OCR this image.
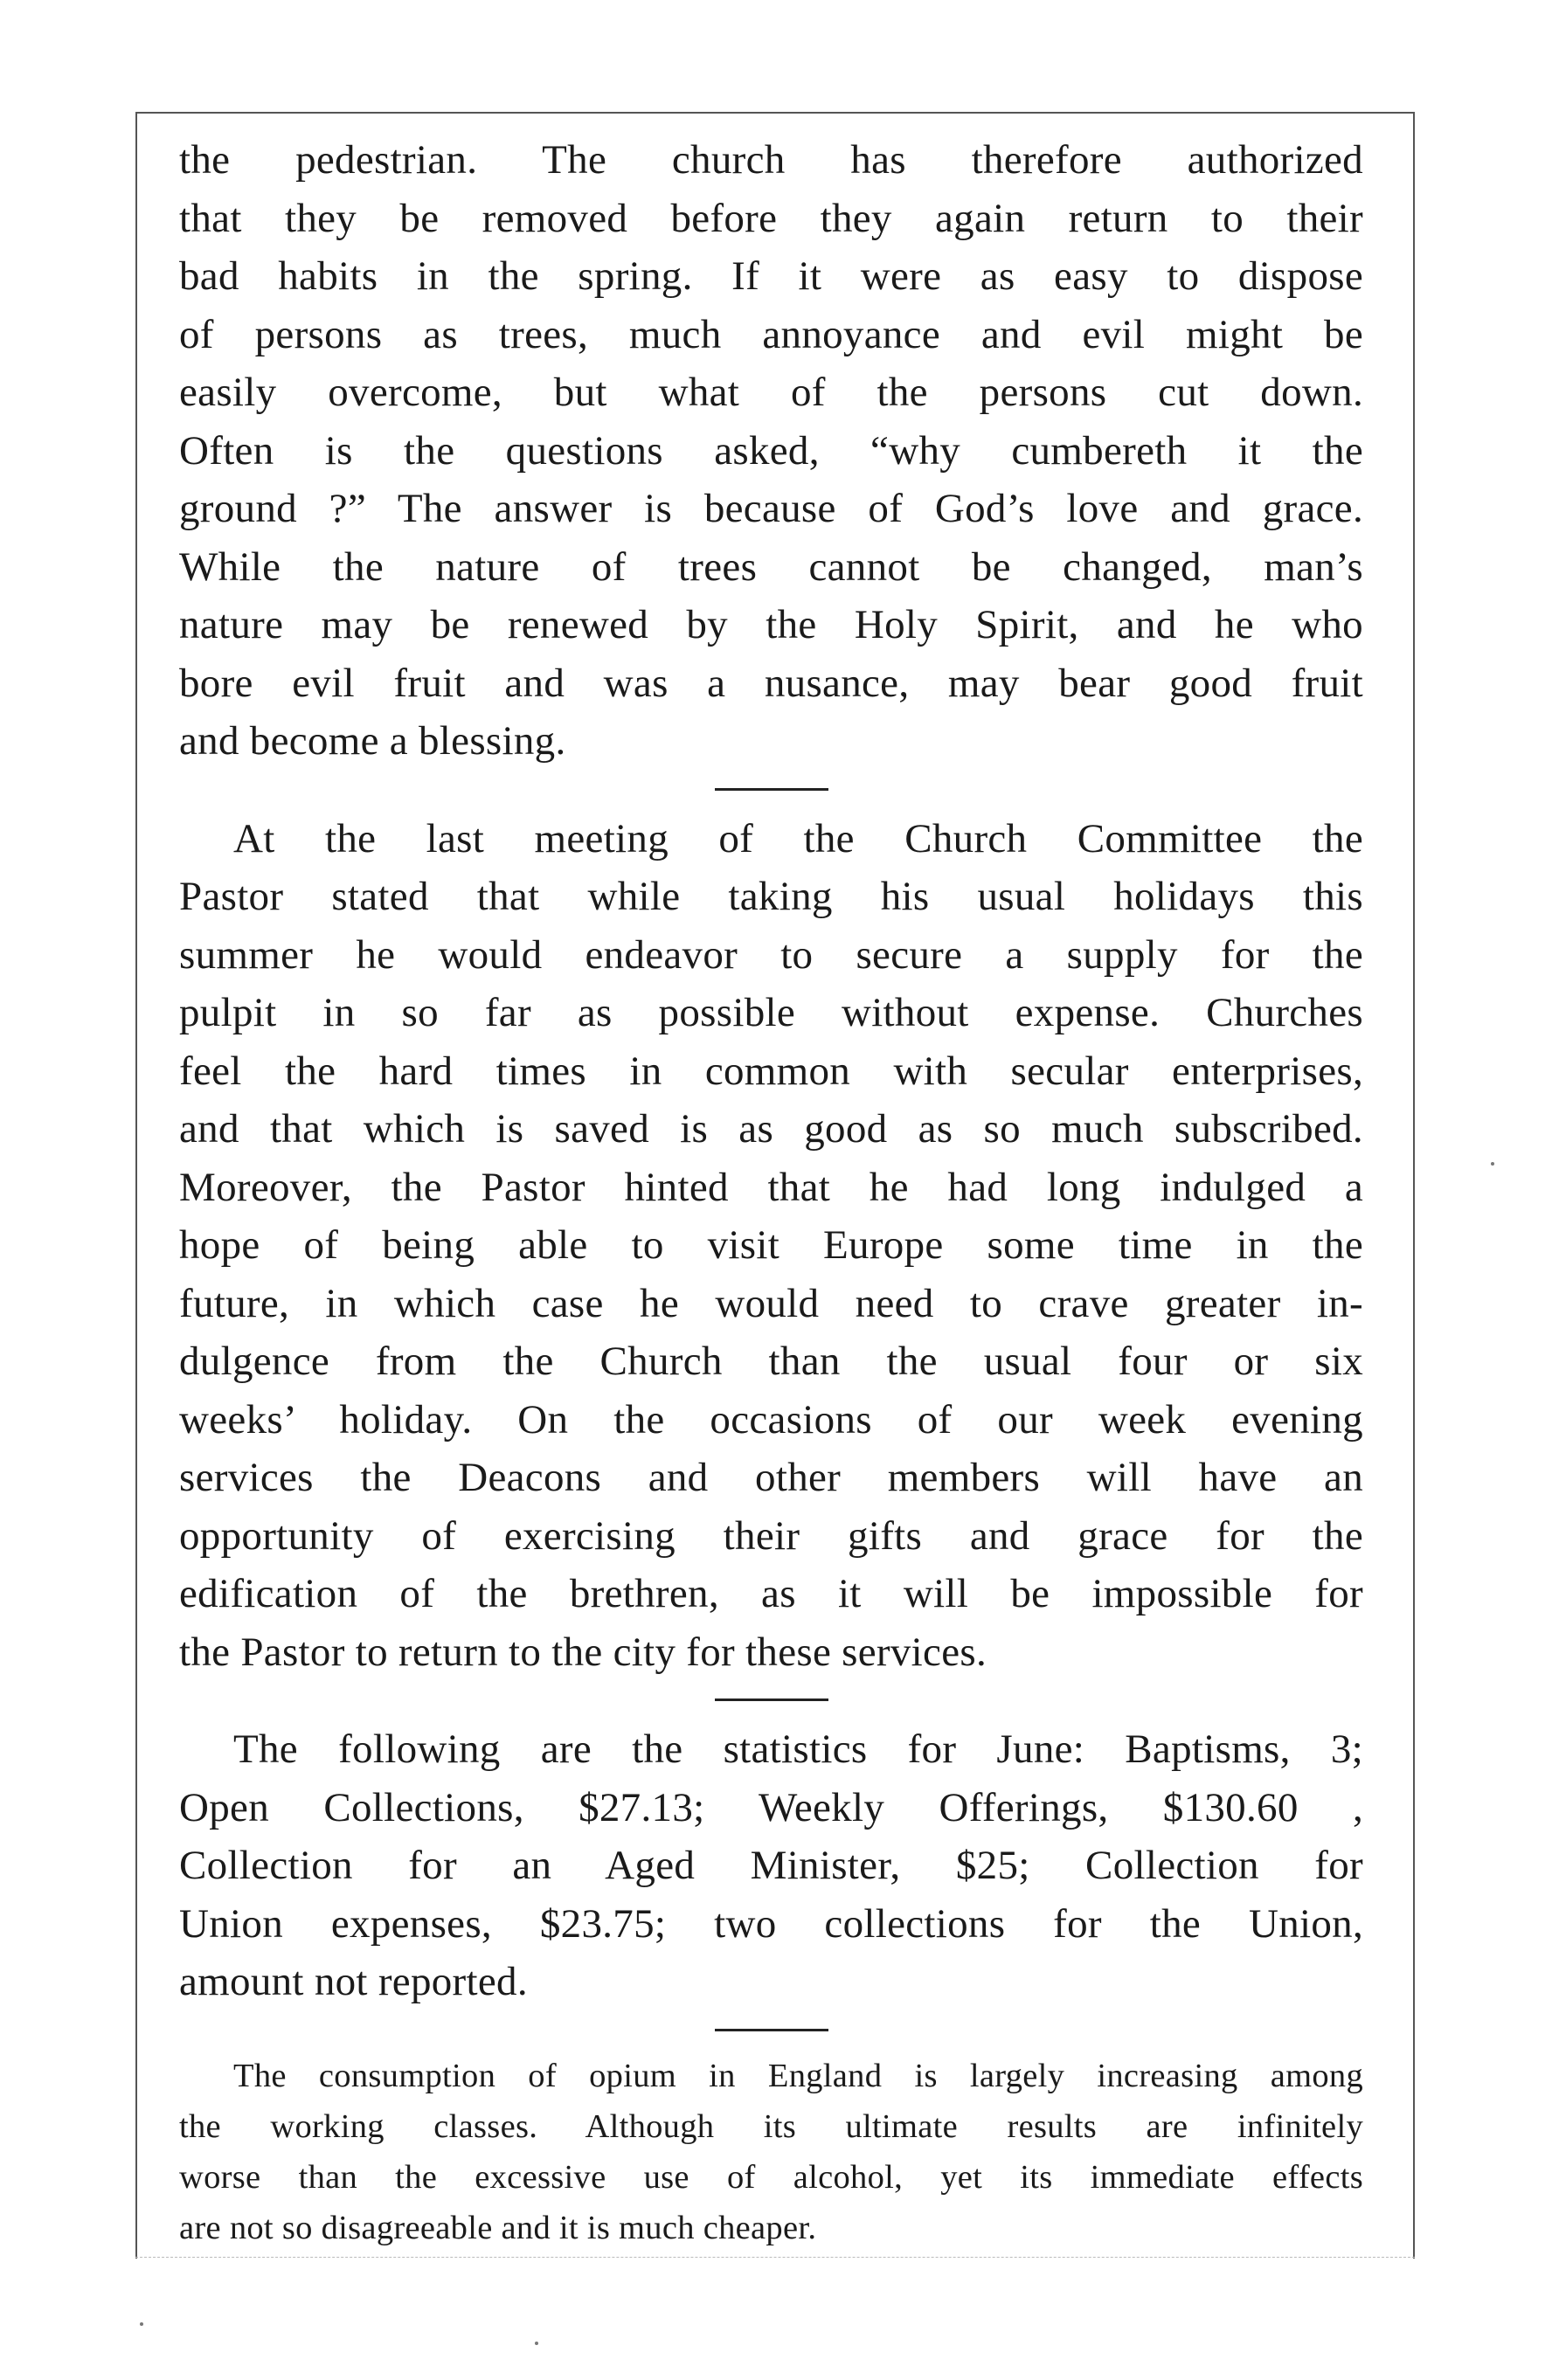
the pedestrian. The church has therefore authorized
that they be removed before they again return to their
bad habits in the spring. If it were as easy to dispose
of persons as trees, much annoyance and evil might be
easily overcome, but what of the persons cut down.
Often is the questions asked, “why cumbereth it the
ground ?” The answer is because of God’s love and grace.
While the nature of trees cannot be changed, man’s
nature may be renewed by the Holy Spirit, and he who
bore evil fruit and was a nusance, may bear good fruit
and become a blessing.

At the last meeting of the Church Committee the
Pastor stated that while taking his usual holidays this
summer he would endeavor to secure a supply for the
pulpit in so far as possible without expense. Churches
feel the hard times in common with secular enterprises,
and that which is saved is as good as so much subscribed.
Moreover, the Pastor hinted that he had long indulged a
hope of being able to visit Europe some time in the
future, in which case he would need to crave greater in-
dulgence from the Church than the usual four or six
weeks’ holiday. On the occasions of our week evening
services the Deacons and other members will have an
opportunity of exercising their gifts and grace for the
edification of the brethren, as it will be impossible for
the Pastor to return to the city for these services.

The following are the statistics for June: Baptisms, 3;
Open Collections, $27.13; Weekly Offerings, $130.60 ,
Collection for an Aged Minister, $25; Collection for
Union expenses, $23.75; two collections for the Union,
amount not reported.

The consumption of opium in England is largely increasing among
the working classes. Although its ultimate results are infinitely
worse than the excessive use of alcohol, yet its immediate effects
are not so disagreeable and it is much cheaper.
